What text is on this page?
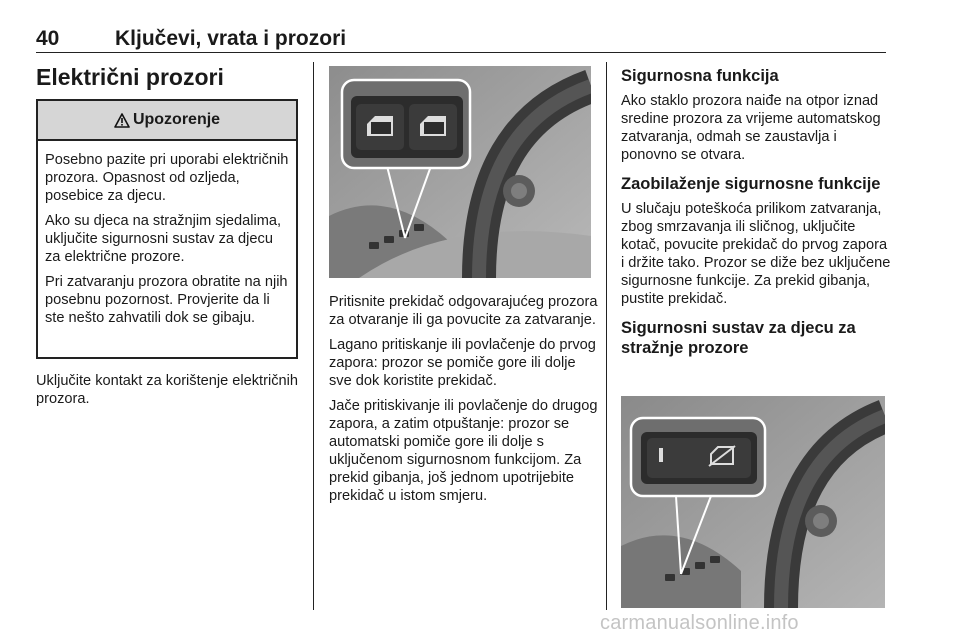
40	Ključevi, vrata i prozori
Električni prozori
Upozorenje

Posebno pazite pri uporabi električnih prozora. Opasnost od ozljeda, posebice za djecu.

Ako su djeca na stražnjim sjedalima, uključite sigurnosni sustav za djecu za električne prozore.

Pri zatvaranju prozora obratite na njih posebnu pozornost. Provjerite da li ste nešto zahvatili dok se gibaju.

Uključite kontakt za korištenje električnih prozora.

Pritisnite prekidač odgovarajućeg prozora za otvaranje ili ga povucite za zatvaranje.

Lagano pritiskanje ili povlačenje do prvog zapora: prozor se pomiče gore ili dolje sve dok koristite prekidač.

Jače pritiskivanje ili povlačenje do drugog zapora, a zatim otpuštanje: prozor se automatski pomiče gore ili dolje s uključenom sigurnosnom funkcijom. Za prekid gibanja, još jednom upotrijebite prekidač u istom smjeru.

Sigurnosna funkcija

Ako staklo prozora naiđe na otpor iznad sredine prozora za vrijeme automatskog zatvaranja, odmah se zaustavlja i ponovno se otvara.

Zaobilaženje sigurnosne funkcije

U slučaju poteškoća prilikom zatvaranja, zbog smrzavanja ili sličnog, uključite kotač, povucite prekidač do prvog zapora i držite tako. Prozor se diže bez uključene sigurnosne funkcije. Za prekid gibanja, pustite prekidač.

Sigurnosni sustav za djecu za stražnje prozore
carmanualsonline.info
